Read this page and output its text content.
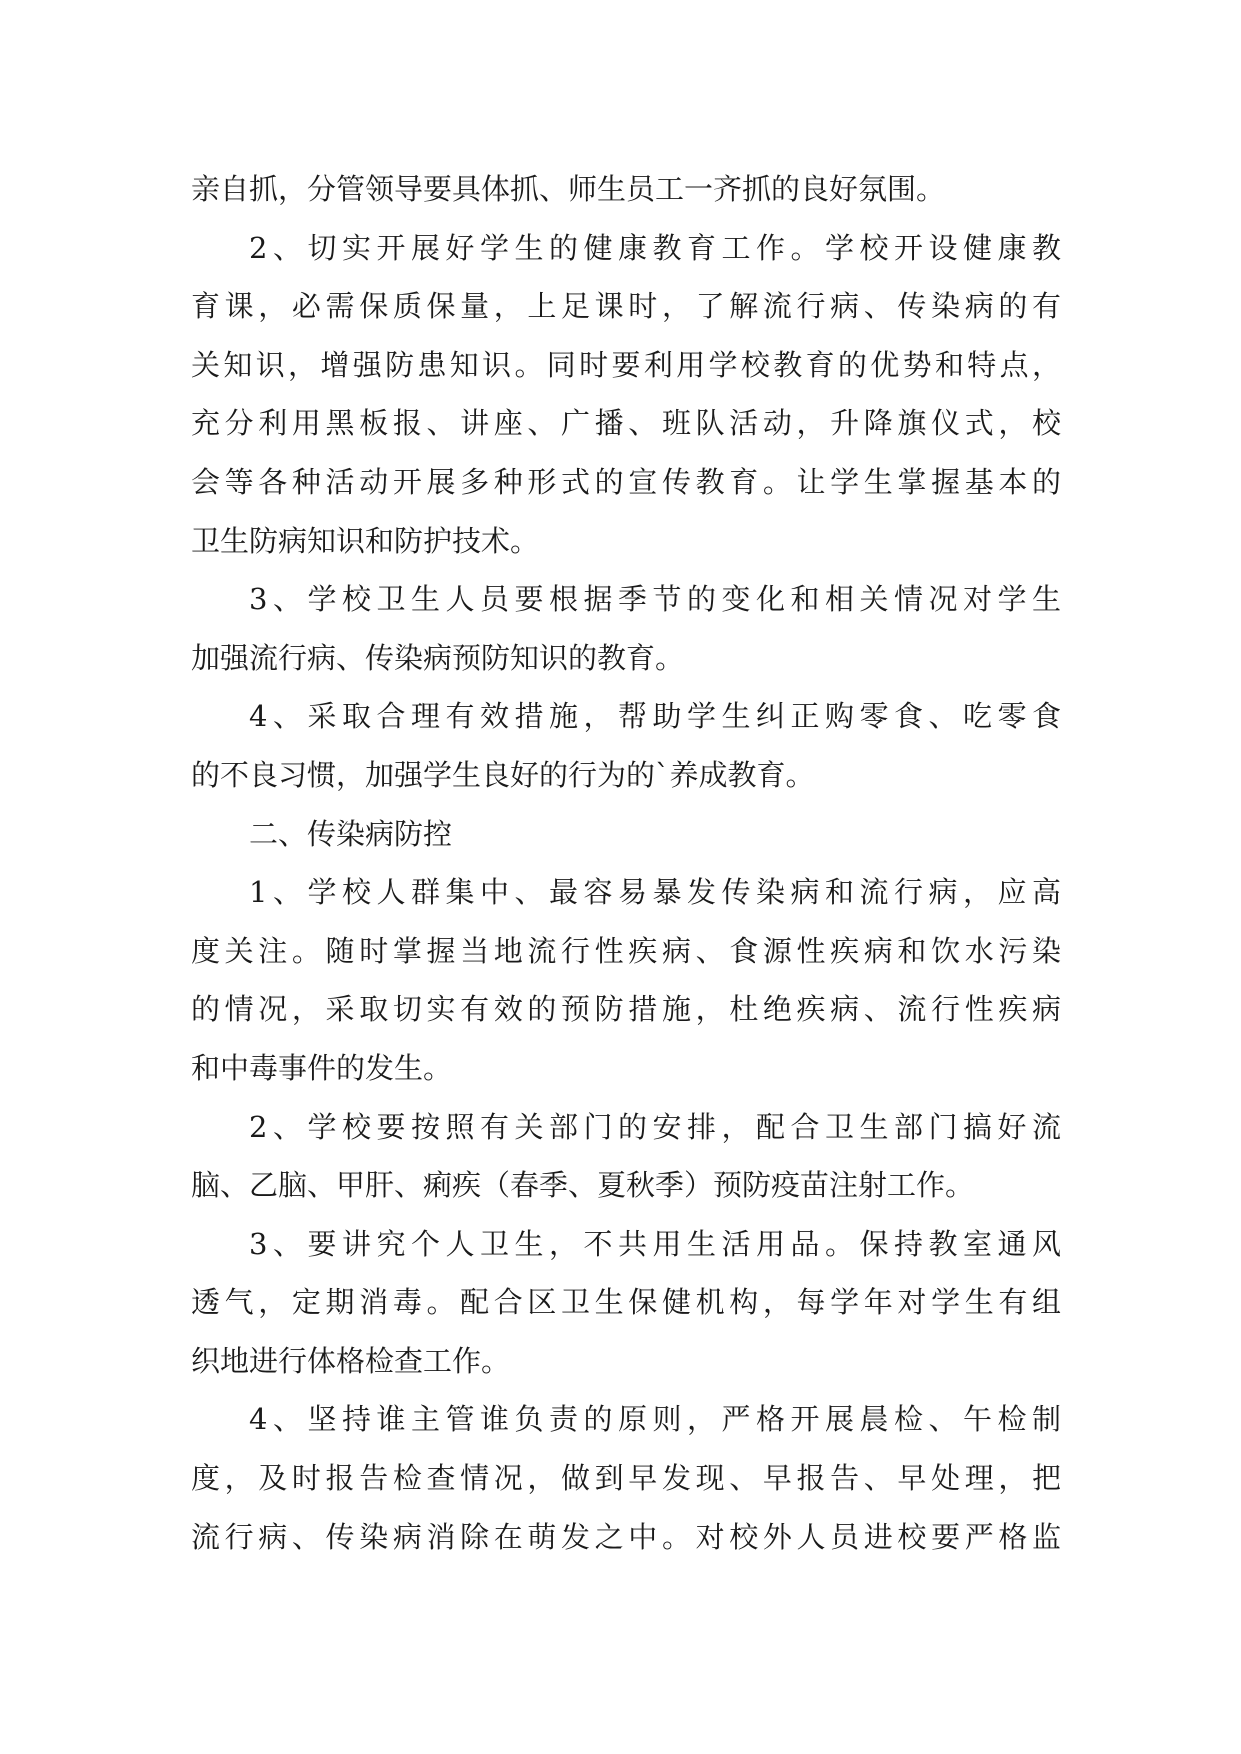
亲自抓，分管领导要具体抓、师生员工一齐抓的良好氛围。
2、切实开展好学生的健康教育工作。学校开设健康教
育课，必需保质保量，上足课时，了解流行病、传染病的有
关知识，增强防患知识。同时要利用学校教育的优势和特点，
充分利用黑板报、讲座、广播、班队活动，升降旗仪式，校
会等各种活动开展多种形式的宣传教育。让学生掌握基本的
卫生防病知识和防护技术。
3、学校卫生人员要根据季节的变化和相关情况对学生
加强流行病、传染病预防知识的教育。
4、采取合理有效措施，帮助学生纠正购零食、吃零食
的不良习惯，加强学生良好的行为的`养成教育。
二、传染病防控
1、学校人群集中、最容易暴发传染病和流行病，应高
度关注。随时掌握当地流行性疾病、食源性疾病和饮水污染
的情况，采取切实有效的预防措施，杜绝疾病、流行性疾病
和中毒事件的发生。
2、学校要按照有关部门的安排，配合卫生部门搞好流
脑、乙脑、甲肝、痢疾（春季、夏秋季）预防疫苗注射工作。
3、要讲究个人卫生，不共用生活用品。保持教室通风
透气，定期消毒。配合区卫生保健机构，每学年对学生有组
织地进行体格检查工作。
4、坚持谁主管谁负责的原则，严格开展晨检、午检制
度，及时报告检查情况，做到早发现、早报告、早处理，把
流行病、传染病消除在萌发之中。对校外人员进校要严格监
